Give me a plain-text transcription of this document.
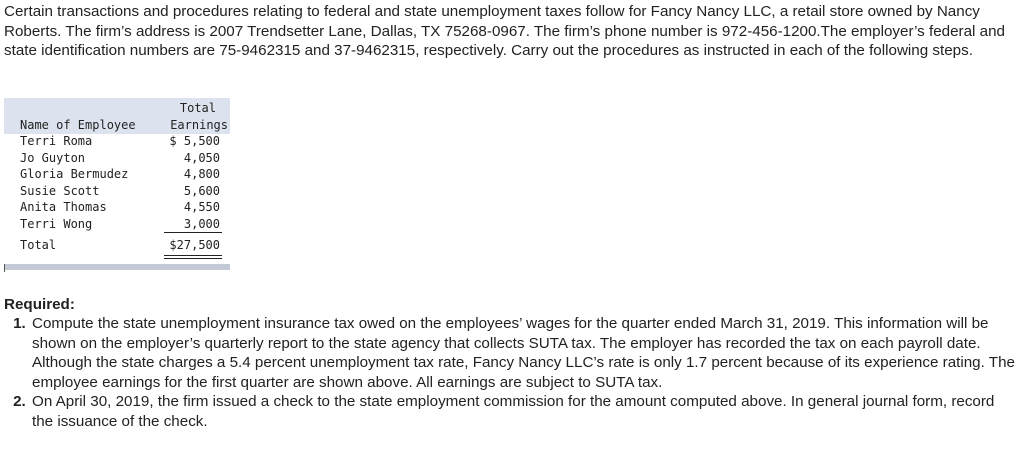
Certain transactions and procedures relating to federal and state unemployment taxes follow for Fancy Nancy LLC, a retail store owned by Nancy Roberts. The firm’s address is 2007 Trendsetter Lane, Dallas, TX 75268-0967. The firm’s phone number is 972-456-1200.The employer’s federal and state identification numbers are 75-9462315 and 37-9462315, respectively. Carry out the procedures as instructed in each of the following steps.

Total
Name of Employee	Earnings
Terri Roma	$ 5,500
Jo Guyton	4,050
Gloria Bermudez	4,800
Susie Scott	5,600
Anita Thomas	4,550
Terri Wong	3,000
Total	$27,500

Required:

1. Compute the state unemployment insurance tax owed on the employees’ wages for the quarter ended March 31, 2019. This information will be shown on the employer’s quarterly report to the state agency that collects SUTA tax. The employer has recorded the tax on each payroll date. Although the state charges a 5.4 percent unemployment tax rate, Fancy Nancy LLC’s rate is only 1.7 percent because of its experience rating. The employee earnings for the first quarter are shown above. All earnings are subject to SUTA tax.
2. On April 30, 2019, the firm issued a check to the state employment commission for the amount computed above. In general journal form, record the issuance of the check.
